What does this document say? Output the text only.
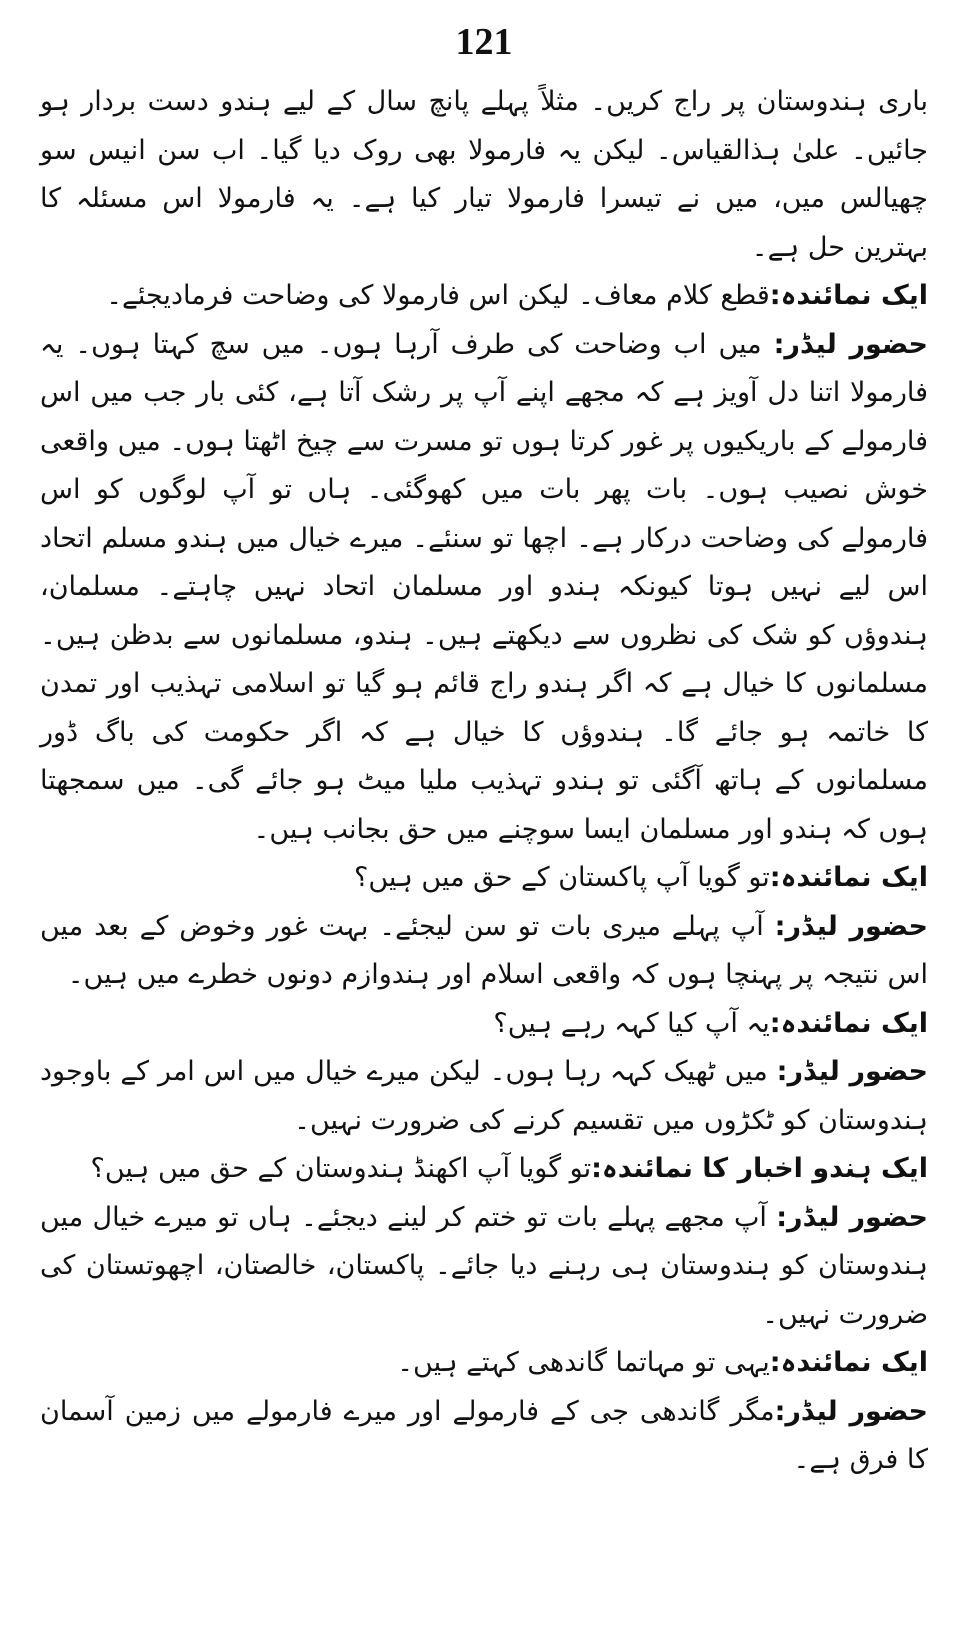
121

باری ہندوستان پر راج کریں۔ مثلاً پہلے پانچ سال کے لیے ہندو دست بردار ہو جائیں۔ علیٰ ہذالقیاس۔ لیکن یہ فارمولا بھی روک دیا گیا۔ اب سن انیس سو چھیالس میں، میں نے تیسرا فارمولا تیار کیا ہے۔ یہ فارمولا اس مسئلہ کا بہترین حل ہے۔

ایک نمائندہ:قطع کلام معاف۔ لیکن اس فارمولا کی وضاحت فرمادیجئے۔

حضور لیڈر: میں اب وضاحت کی طرف آرہا ہوں۔ میں سچ کہتا ہوں۔ یہ فارمولا اتنا دل آویز ہے کہ مجھے اپنے آپ پر رشک آتا ہے، کئی بار جب میں اس فارمولے کے باریکیوں پر غور کرتا ہوں تو مسرت سے چیخ اٹھتا ہوں۔ میں واقعی خوش نصیب ہوں۔ بات پھر بات میں کھوگئی۔ ہاں تو آپ لوگوں کو اس فارمولے کی وضاحت درکار ہے۔ اچھا تو سنئے۔ میرے خیال میں ہندو مسلم اتحاد اس لیے نہیں ہوتا کیونکہ ہندو اور مسلمان اتحاد نہیں چاہتے۔ مسلمان، ہندوؤں کو شک کی نظروں سے دیکھتے ہیں۔ ہندو، مسلمانوں سے بدظن ہیں۔ مسلمانوں کا خیال ہے کہ اگر ہندو راج قائم ہو گیا تو اسلامی تہذیب اور تمدن کا خاتمہ ہو جائے گا۔ ہندوؤں کا خیال ہے کہ اگر حکومت کی باگ ڈور مسلمانوں کے ہاتھ آگئی تو ہندو تہذیب ملیا میٹ ہو جائے گی۔ میں سمجھتا ہوں کہ ہندو اور مسلمان ایسا سوچنے میں حق بجانب ہیں۔

ایک نمائندہ:تو گویا آپ پاکستان کے حق میں ہیں؟

حضور لیڈر: آپ پہلے میری بات تو سن لیجئے۔ بہت غور وخوض کے بعد میں اس نتیجہ پر پہنچا ہوں کہ واقعی اسلام اور ہندوازم دونوں خطرے میں ہیں۔

ایک نمائندہ:یہ آپ کیا کہہ رہے ہیں؟

حضور لیڈر: میں ٹھیک کہہ رہا ہوں۔ لیکن میرے خیال میں اس امر کے باوجود ہندوستان کو ٹکڑوں میں تقسیم کرنے کی ضرورت نہیں۔

ایک ہندو اخبار کا نمائندہ:تو گویا آپ اکھنڈ ہندوستان کے حق میں ہیں؟

حضور لیڈر: آپ مجھے پہلے بات تو ختم کر لینے دیجئے۔ ہاں تو میرے خیال میں ہندوستان کو ہندوستان ہی رہنے دیا جائے۔ پاکستان، خالصتان، اچھوتستان کی ضرورت نہیں۔

ایک نمائندہ:یہی تو مہاتما گاندھی کہتے ہیں۔

حضور لیڈر:مگر گاندھی جی کے فارمولے اور میرے فارمولے میں زمین آسمان کا فرق ہے۔
